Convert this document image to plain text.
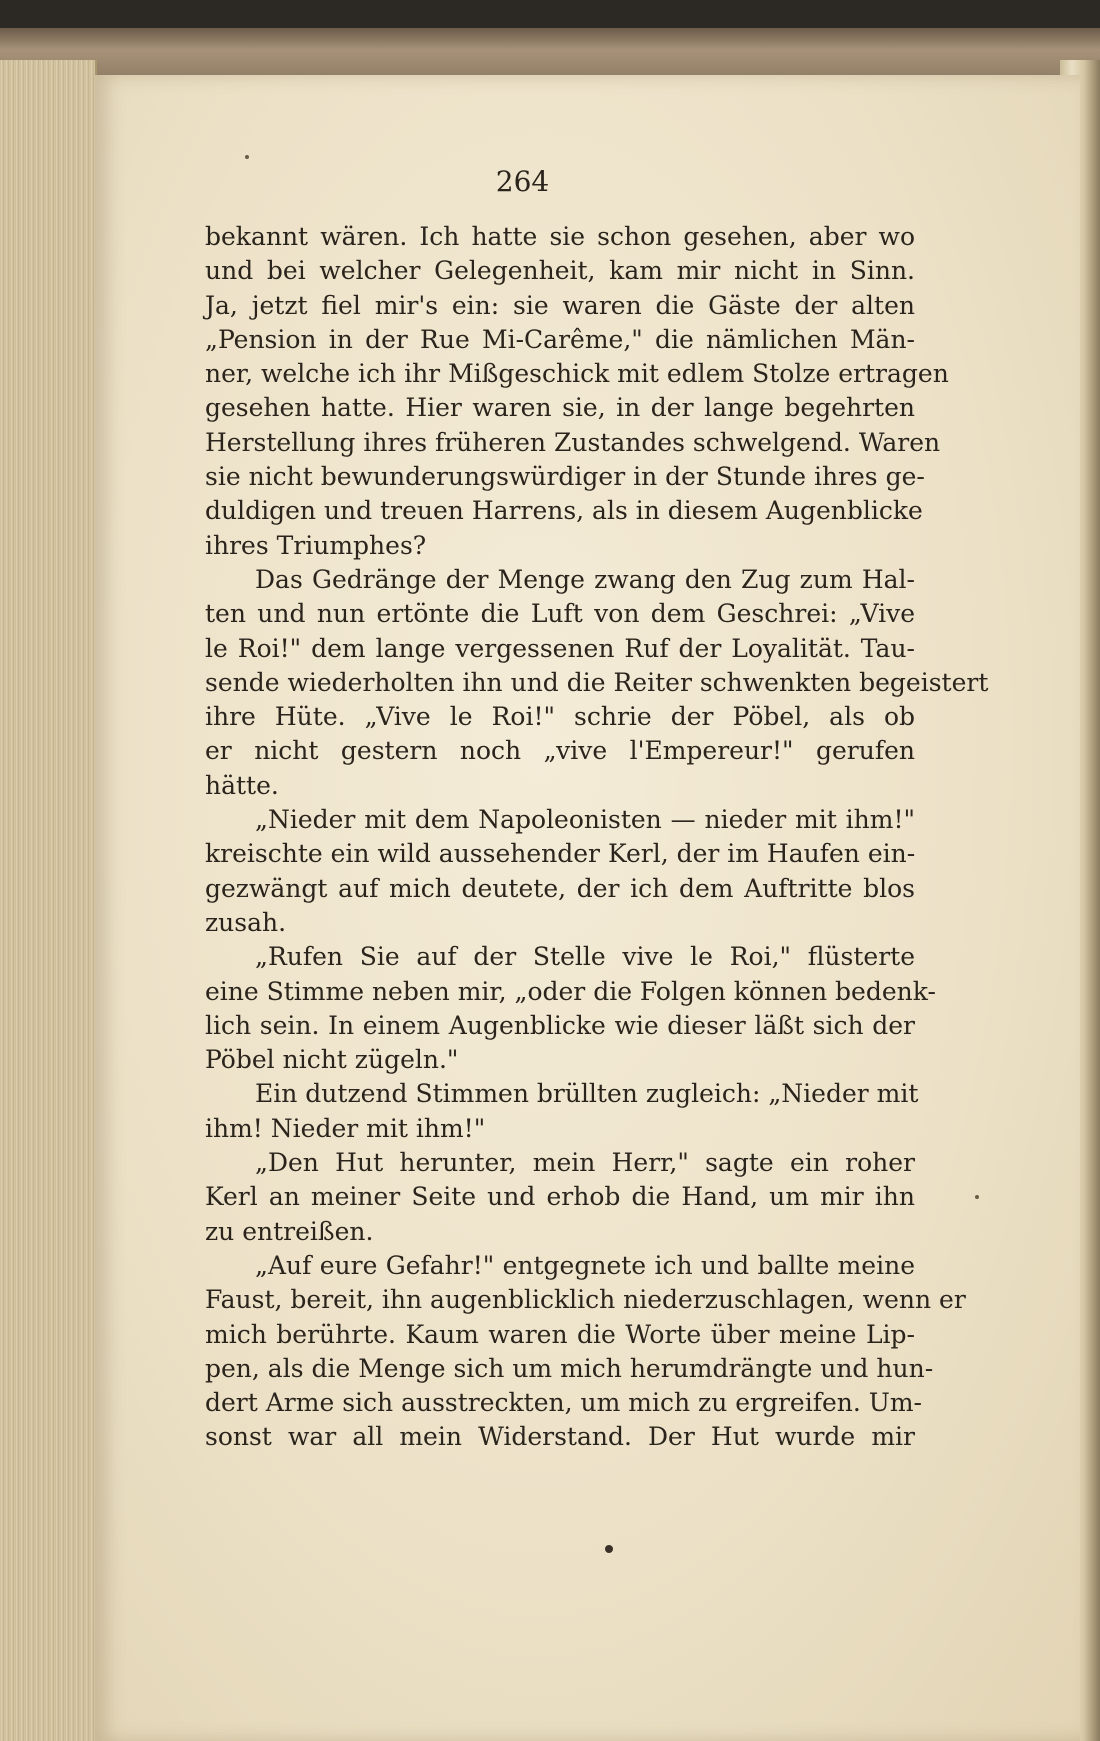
264
bekannt wären. Ich hatte sie schon gesehen, aber wo
und bei welcher Gelegenheit, kam mir nicht in Sinn.
Ja, jetzt fiel mir's ein: sie waren die Gäste der alten
„Pension in der Rue Mi-Carême," die nämlichen Män-
ner, welche ich ihr Mißgeschick mit edlem Stolze ertragen
gesehen hatte. Hier waren sie, in der lange begehrten
Herstellung ihres früheren Zustandes schwelgend. Waren
sie nicht bewunderungswürdiger in der Stunde ihres ge-
duldigen und treuen Harrens, als in diesem Augenblicke
ihres Triumphes?
Das Gedränge der Menge zwang den Zug zum Hal-
ten und nun ertönte die Luft von dem Geschrei: „Vive
le Roi!" dem lange vergessenen Ruf der Loyalität. Tau-
sende wiederholten ihn und die Reiter schwenkten begeistert
ihre Hüte. „Vive le Roi!" schrie der Pöbel, als ob
er nicht gestern noch „vive l'Empereur!" gerufen
hätte.
„Nieder mit dem Napoleonisten — nieder mit ihm!"
kreischte ein wild aussehender Kerl, der im Haufen ein-
gezwängt auf mich deutete, der ich dem Auftritte blos
zusah.
„Rufen Sie auf der Stelle vive le Roi," flüsterte
eine Stimme neben mir, „oder die Folgen können bedenk-
lich sein. In einem Augenblicke wie dieser läßt sich der
Pöbel nicht zügeln."
Ein dutzend Stimmen brüllten zugleich: „Nieder mit
ihm! Nieder mit ihm!"
„Den Hut herunter, mein Herr," sagte ein roher
Kerl an meiner Seite und erhob die Hand, um mir ihn
zu entreißen.
„Auf eure Gefahr!" entgegnete ich und ballte meine
Faust, bereit, ihn augenblicklich niederzuschlagen, wenn er
mich berührte. Kaum waren die Worte über meine Lip-
pen, als die Menge sich um mich herumdrängte und hun-
dert Arme sich ausstreckten, um mich zu ergreifen. Um-
sonst war all mein Widerstand. Der Hut wurde mir
